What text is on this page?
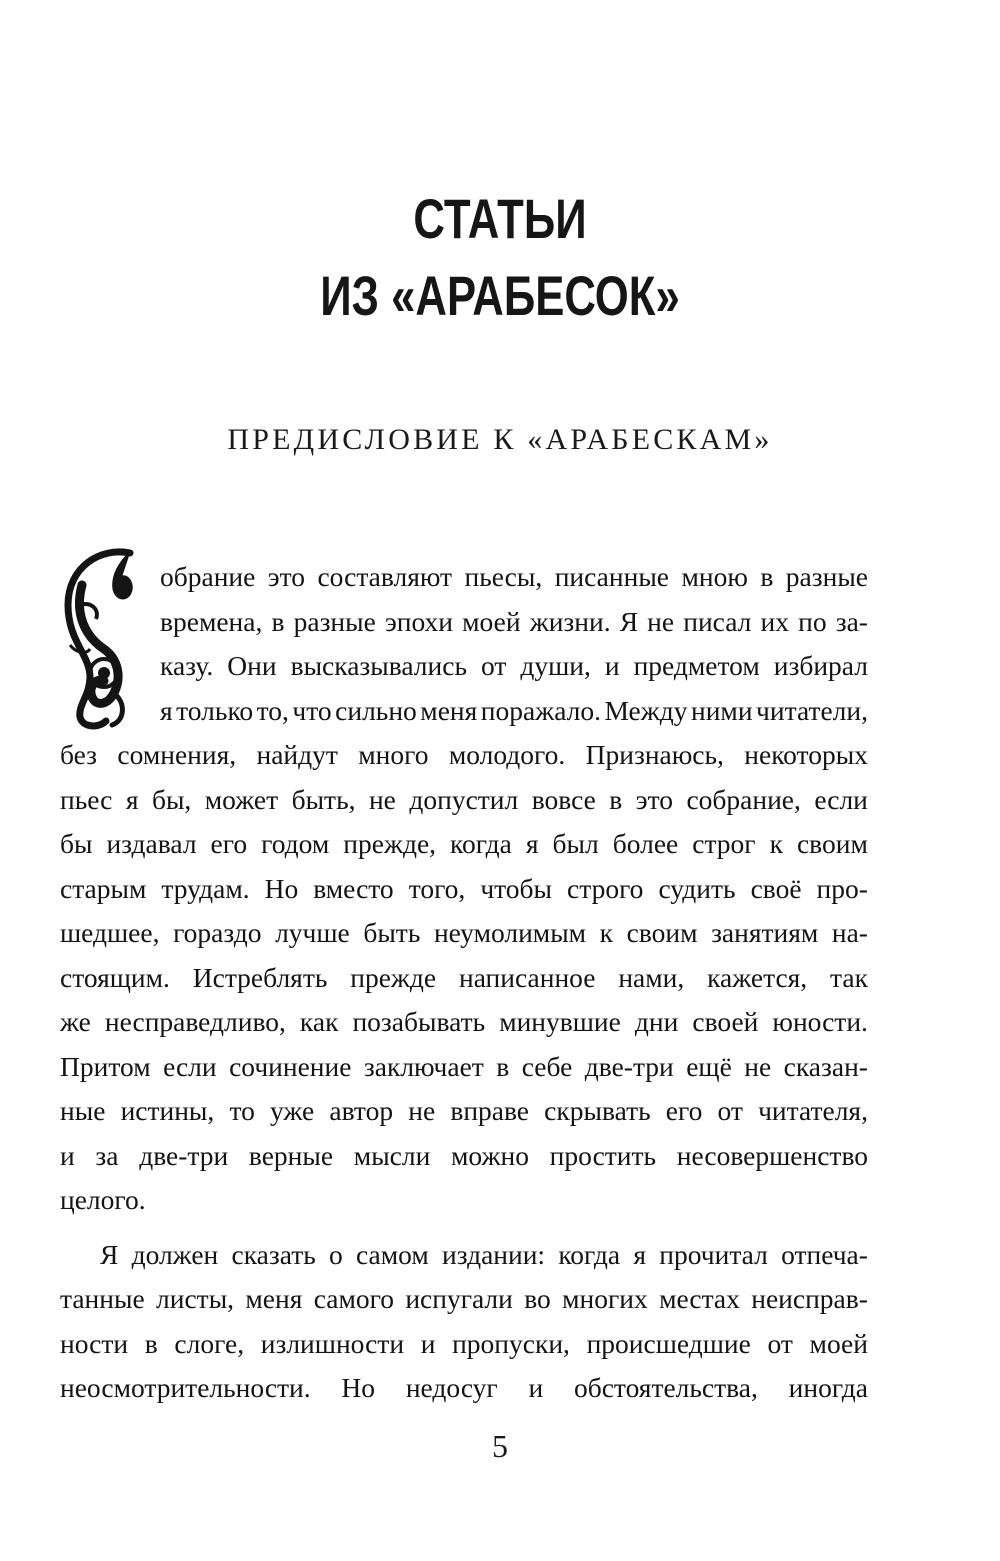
СТАТЬИ
ИЗ «АРАБЕСОК»
ПРЕДИСЛОВИЕ К «АРАБЕСКАМ»
обрание это составляют пьесы, писанные мною в разные
времена, в разные эпохи моей жизни. Я не писал их по за-
казу. Они высказывались от души, и предметом избирал
я только то, что сильно меня поражало. Между ними читатели,
без сомнения, найдут много молодого. Признаюсь, некоторых
пьес я бы, может быть, не допустил вовсе в это собрание, если
бы издавал его годом прежде, когда я был более строг к своим
старым трудам. Но вместо того, чтобы строго судить своё про-
шедшее, гораздо лучше быть неумолимым к своим занятиям на-
стоящим. Истреблять прежде написанное нами, кажется, так
же несправедливо, как позабывать минувшие дни своей юности.
Притом если сочинение заключает в себе две-три ещё не сказан-
ные истины, то уже автор не вправе скрывать его от читателя,
и за две-три верные мысли можно простить несовершенство
целого.
Я должен сказать о самом издании: когда я прочитал отпеча-
танные листы, меня самого испугали во многих местах неисправ-
ности в слоге, излишности и пропуски, происшедшие от моей
неосмотрительности. Но недосуг и обстоятельства, иногда
5
